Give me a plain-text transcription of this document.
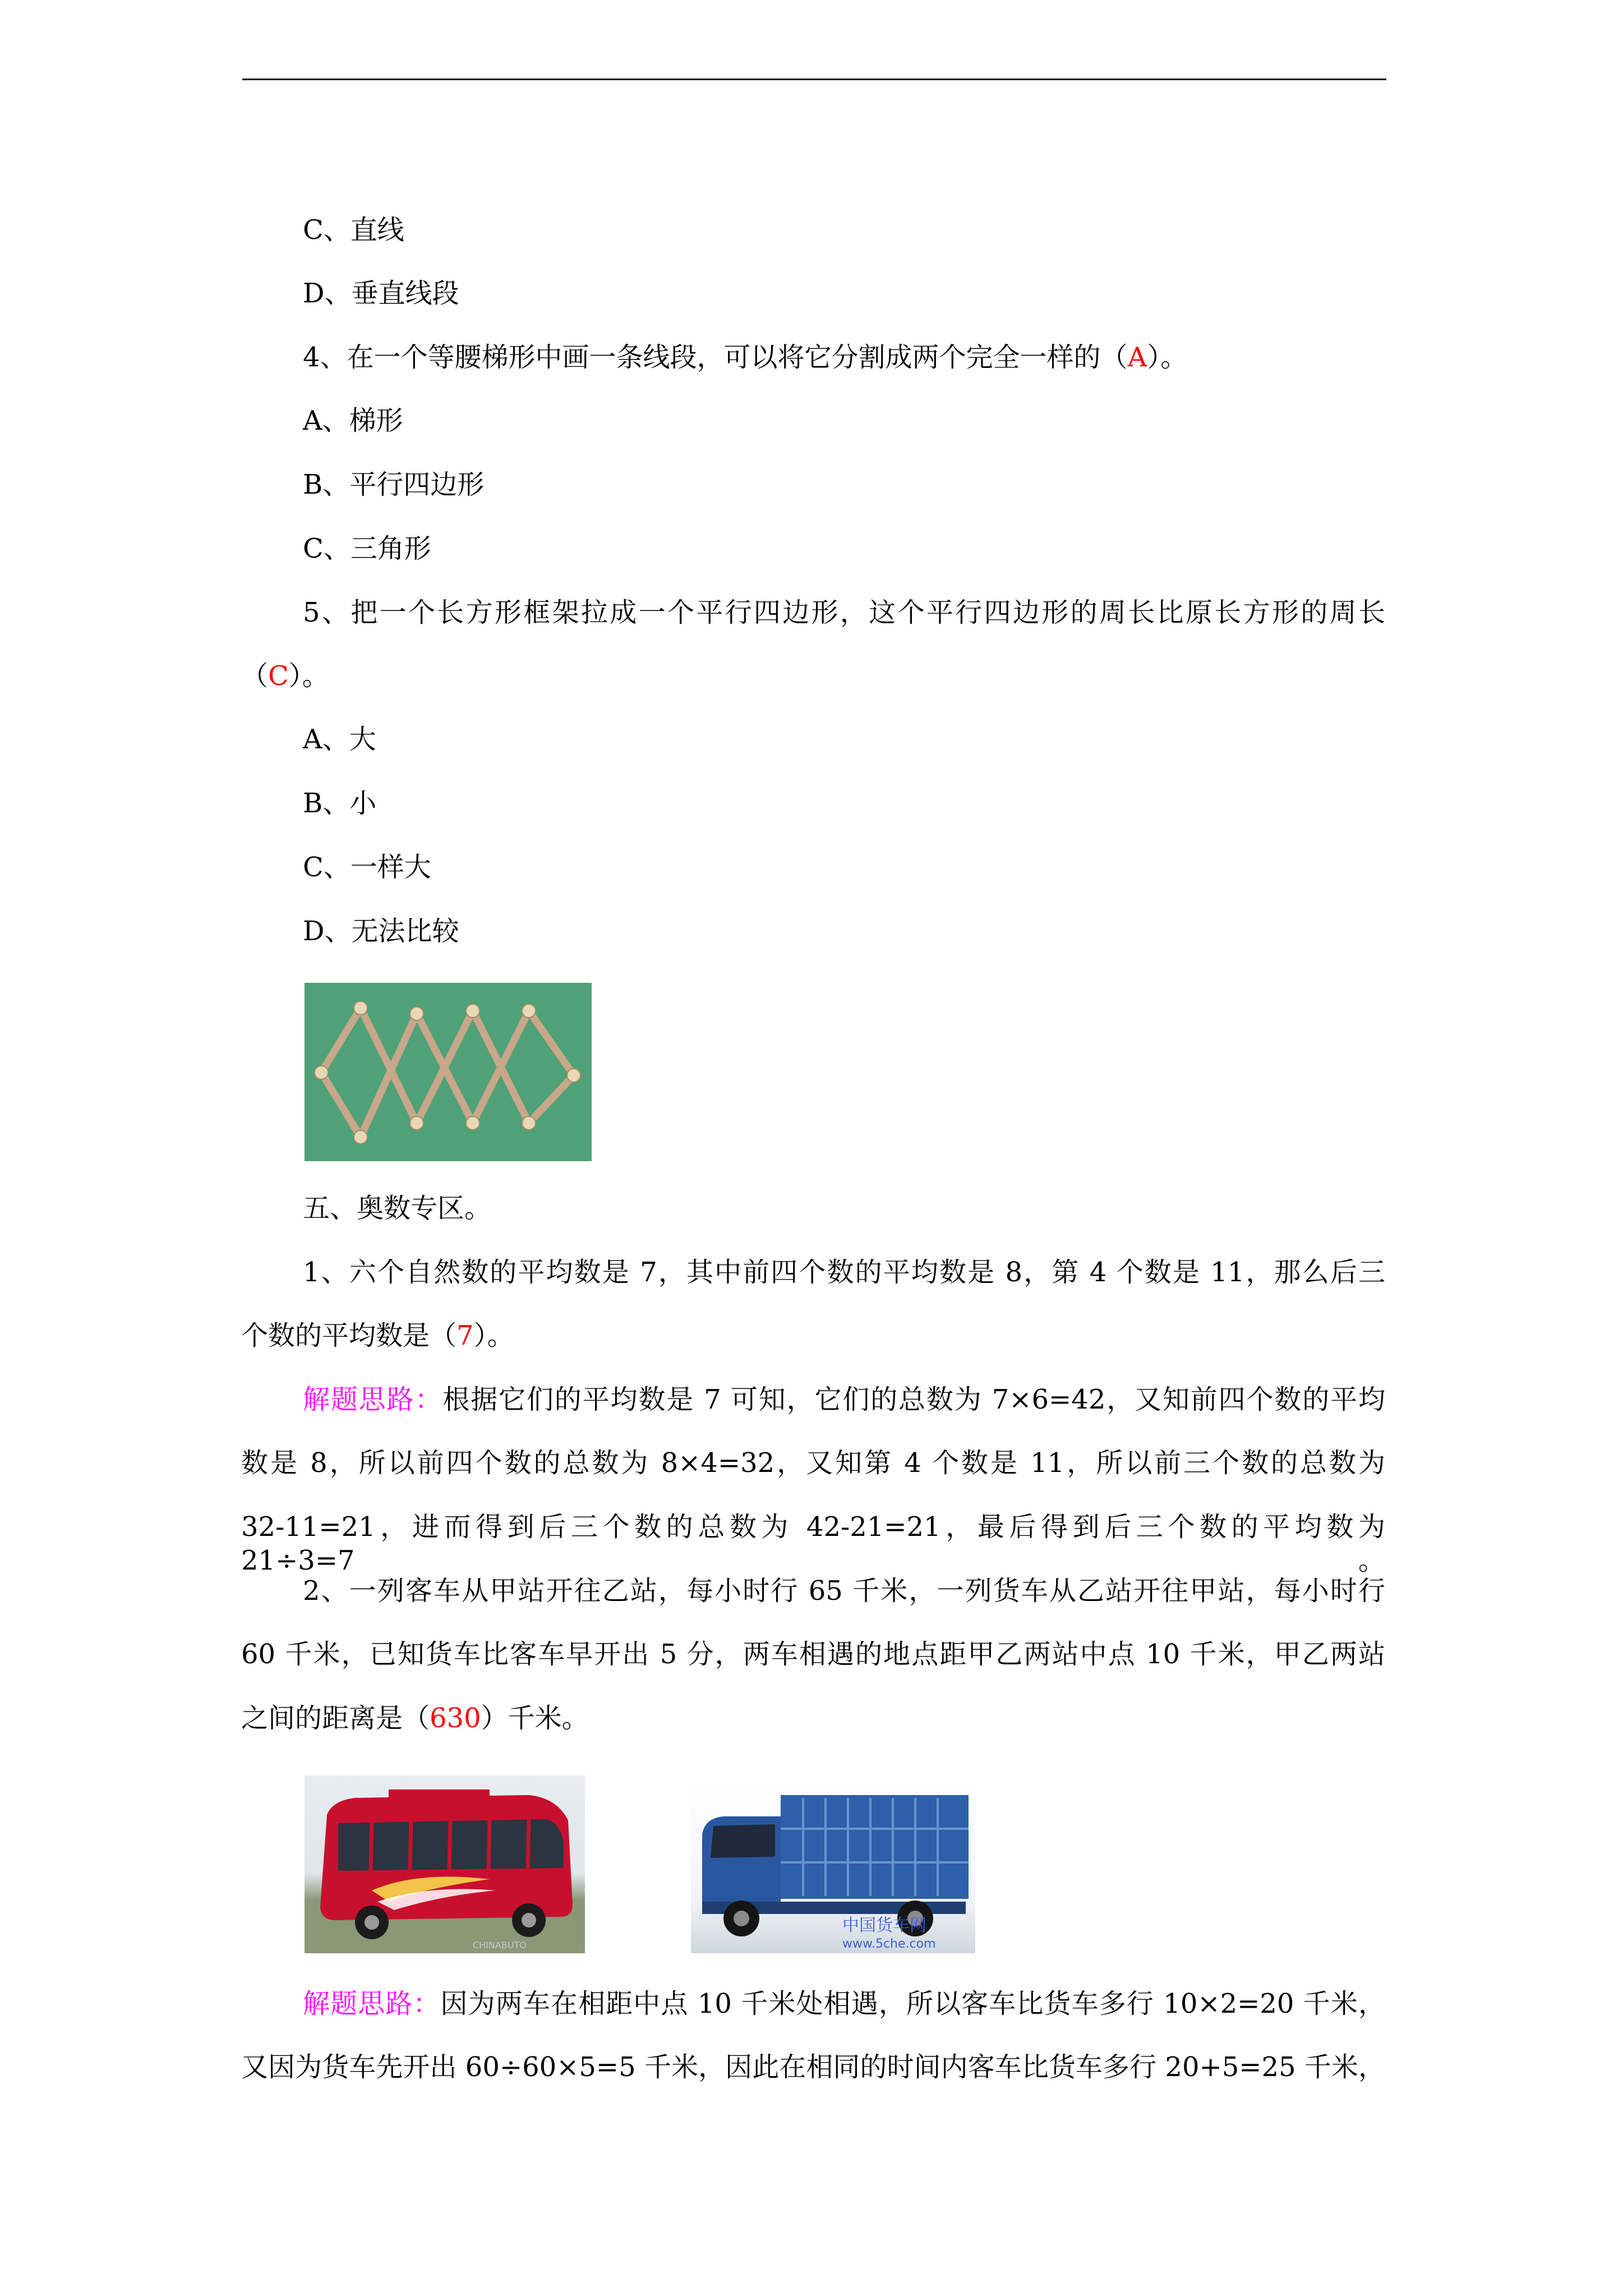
C、直线
D、垂直线段
4、在一个等腰梯形中画一条线段，可以将它分割成两个完全一样的（A）。
A、梯形
B、平行四边形
C、三角形
5、把一个长方形框架拉成一个平行四边形，这个平行四边形的周长比原长方形的周长
（C）。
A、大
B、小
C、一样大
D、无法比较
五、奥数专区。
1、六个自然数的平均数是 7，其中前四个数的平均数是 8，第 4 个数是 11，那么后三
个数的平均数是（7）。
解题思路：根据它们的平均数是 7 可知，它们的总数为 7×6=42，又知前四个数的平均
数是 8，所以前四个数的总数为 8×4=32，又知第 4 个数是 11，所以前三个数的总数为
32-11=21，进而得到后三个数的总数为 42-21=21，最后得到后三个数的平均数为 21÷3=7。
2、一列客车从甲站开往乙站，每小时行 65 千米，一列货车从乙站开往甲站，每小时行
60 千米，已知货车比客车早开出 5 分，两车相遇的地点距甲乙两站中点 10 千米，甲乙两站
之间的距离是（630）千米。
CHINABUTO
中国货车网
www.5che.com
解题思路：因为两车在相距中点 10 千米处相遇，所以客车比货车多行 10×2=20 千米，
又因为货车先开出 60÷60×5=5 千米，因此在相同的时间内客车比货车多行 20+5=25 千米，
